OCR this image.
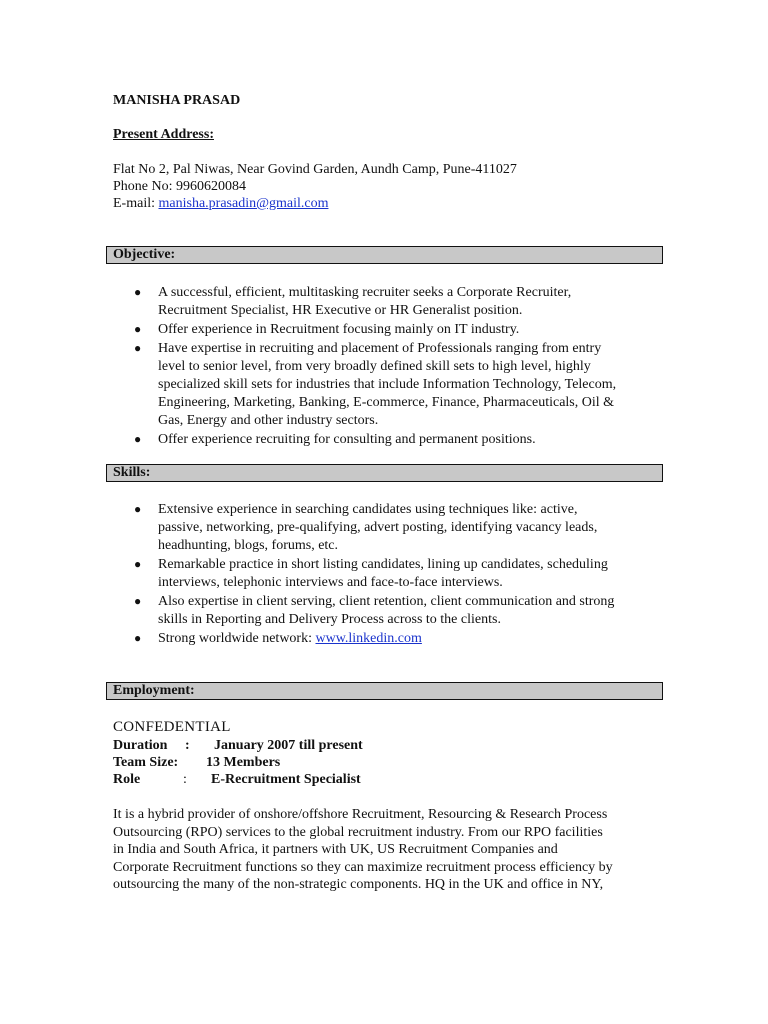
MANISHA PRASAD
Present Address:
Flat No 2, Pal Niwas, Near Govind Garden, Aundh Camp, Pune-411027
Phone No: 9960620084
E-mail: manisha.prasadin@gmail.com
Objective:
● A successful, efficient, multitasking recruiter seeks a Corporate Recruiter,
Recruitment Specialist, HR Executive or HR Generalist position.
● Offer experience in Recruitment focusing mainly on IT industry.
● Have expertise in recruiting and placement of Professionals ranging from entry
level to senior level, from very broadly defined skill sets to high level, highly
specialized skill sets for industries that include Information Technology, Telecom,
Engineering, Marketing, Banking, E-commerce, Finance, Pharmaceuticals, Oil &
Gas, Energy and other industry sectors.
● Offer experience recruiting for consulting and permanent positions.
Skills:
● Extensive experience in searching candidates using techniques like: active,
passive, networking, pre-qualifying, advert posting, identifying vacancy leads,
headhunting, blogs, forums, etc.
● Remarkable practice in short listing candidates, lining up candidates, scheduling
interviews, telephonic interviews and face-to-face interviews.
● Also expertise in client serving, client retention, client communication and strong
skills in Reporting and Delivery Process across to the clients.
● Strong worldwide network: www.linkedin.com
Employment:
CONFEDENTIAL
Duration : January 2007 till present
Team Size: 13 Members
Role	: E-Recruitment Specialist
It is a hybrid provider of onshore/offshore Recruitment, Resourcing & Research Process
Outsourcing (RPO) services to the global recruitment industry. From our RPO facilities
in India and South Africa, it partners with UK, US Recruitment Companies and
Corporate Recruitment functions so they can maximize recruitment process efficiency by
outsourcing the many of the non-strategic components. HQ in the UK and office in NY,
